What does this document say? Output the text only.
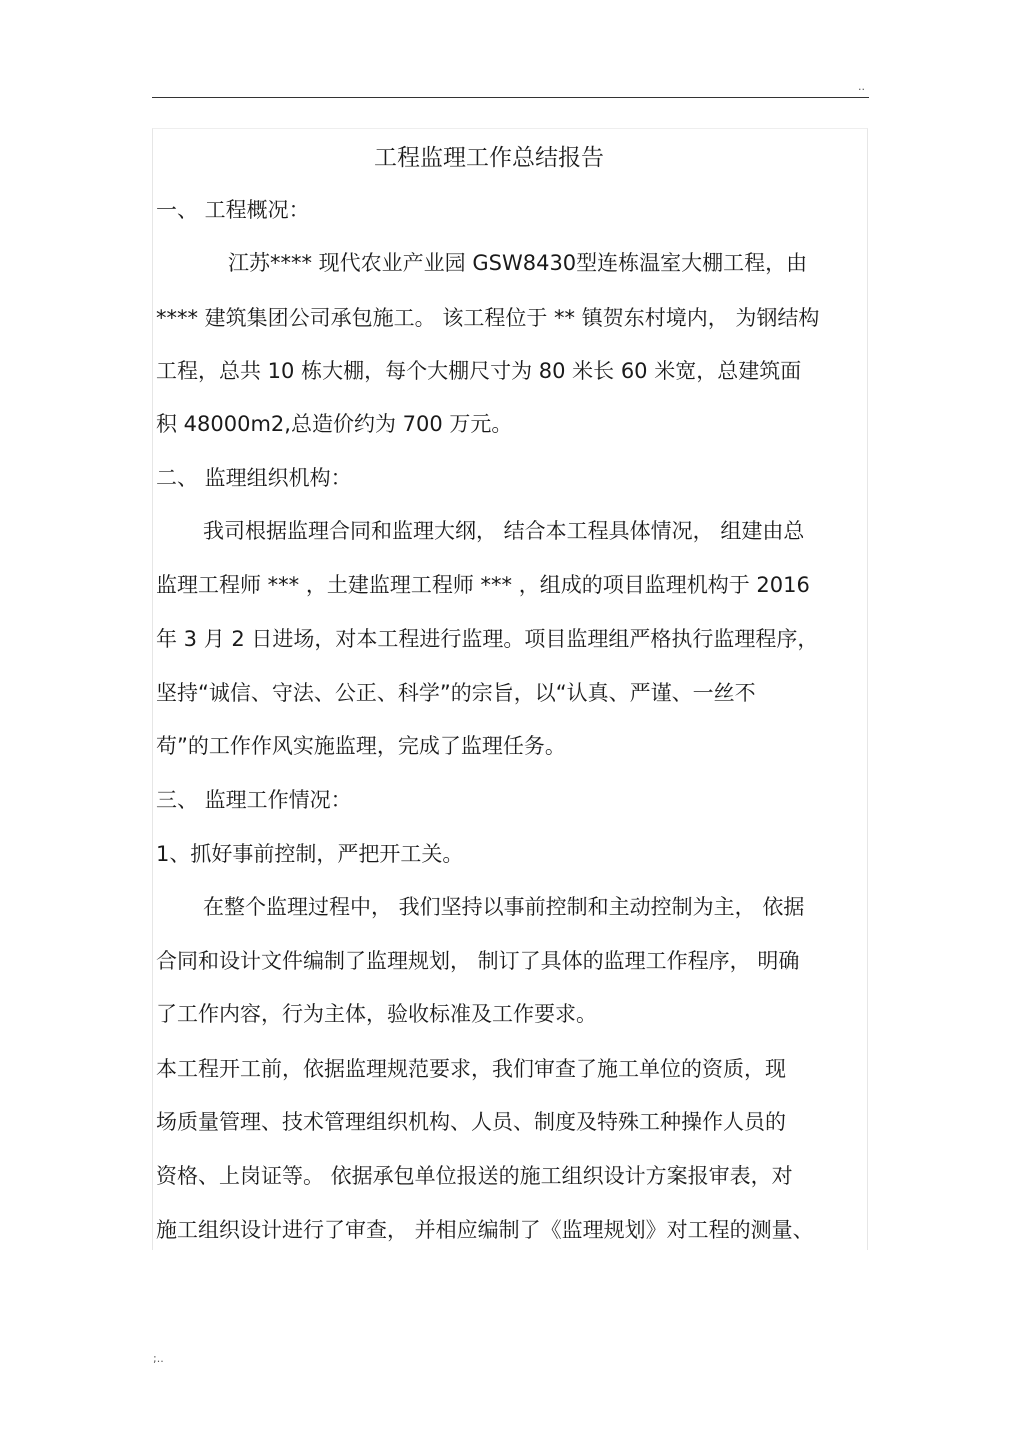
..
工程监理工作总结报告
一、 工程概况：
江苏**** 现代农业产业园 GSW8430型连栋温室大棚工程，由
**** 建筑集团公司承包施工。 该工程位于 ** 镇贺东村境内， 为钢结构
工程，总共 10 栋大棚，每个大棚尺寸为 80 米长 60 米宽，总建筑面
积 48000m2,总造价约为 700 万元。
二、 监理组织机构：
我司根据监理合同和监理大纲， 结合本工程具体情况， 组建由总
监理工程师 *** ，土建监理工程师 *** ，组成的项目监理机构于 2016
年 3 月 2 日进场，对本工程进行监理。项目监理组严格执行监理程序，
坚持“诚信、守法、公正、科学”的宗旨，以“认真、严谨、一丝不
苟”的工作作风实施监理，完成了监理任务。
三、 监理工作情况：
1、抓好事前控制，严把开工关。
在整个监理过程中， 我们坚持以事前控制和主动控制为主， 依据
合同和设计文件编制了监理规划， 制订了具体的监理工作程序， 明确
了工作内容，行为主体，验收标准及工作要求。
本工程开工前，依据监理规范要求，我们审查了施工单位的资质，现
场质量管理、技术管理组织机构、人员、制度及特殊工种操作人员的
资格、上岗证等。 依据承包单位报送的施工组织设计方案报审表，对
施工组织设计进行了审查， 并相应编制了《监理规划》对工程的测量、
;..
